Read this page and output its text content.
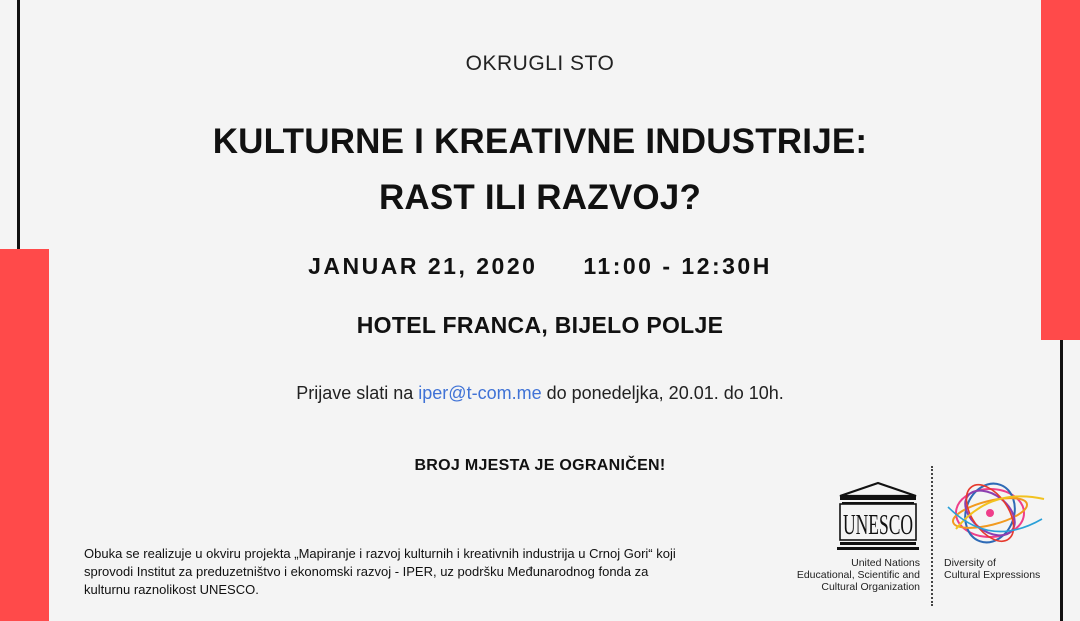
OKRUGLI STO
KULTURNE I KREATIVNE INDUSTRIJE:
RAST ILI RAZVOJ?
JANUAR 21, 2020 11:00 - 12:30H
HOTEL FRANCA, BIJELO POLJE
Prijave slati na iper@t-com.me do ponedeljka, 20.01. do 10h.
BROJ MJESTA JE OGRANIČEN!
Obuka se realizuje u okviru projekta „Mapiranje i razvoj kulturnih i kreativnih industrija u Crnoj Gori“ koji
sprovodi Institut za preduzetništvo i ekonomski razvoj - IPER, uz podršku Međunarodnog fonda za
kulturnu raznolikost UNESCO.
UNESCO
United Nations
Educational, Scientific and
Cultural Organization
Diversity of
Cultural Expressions
